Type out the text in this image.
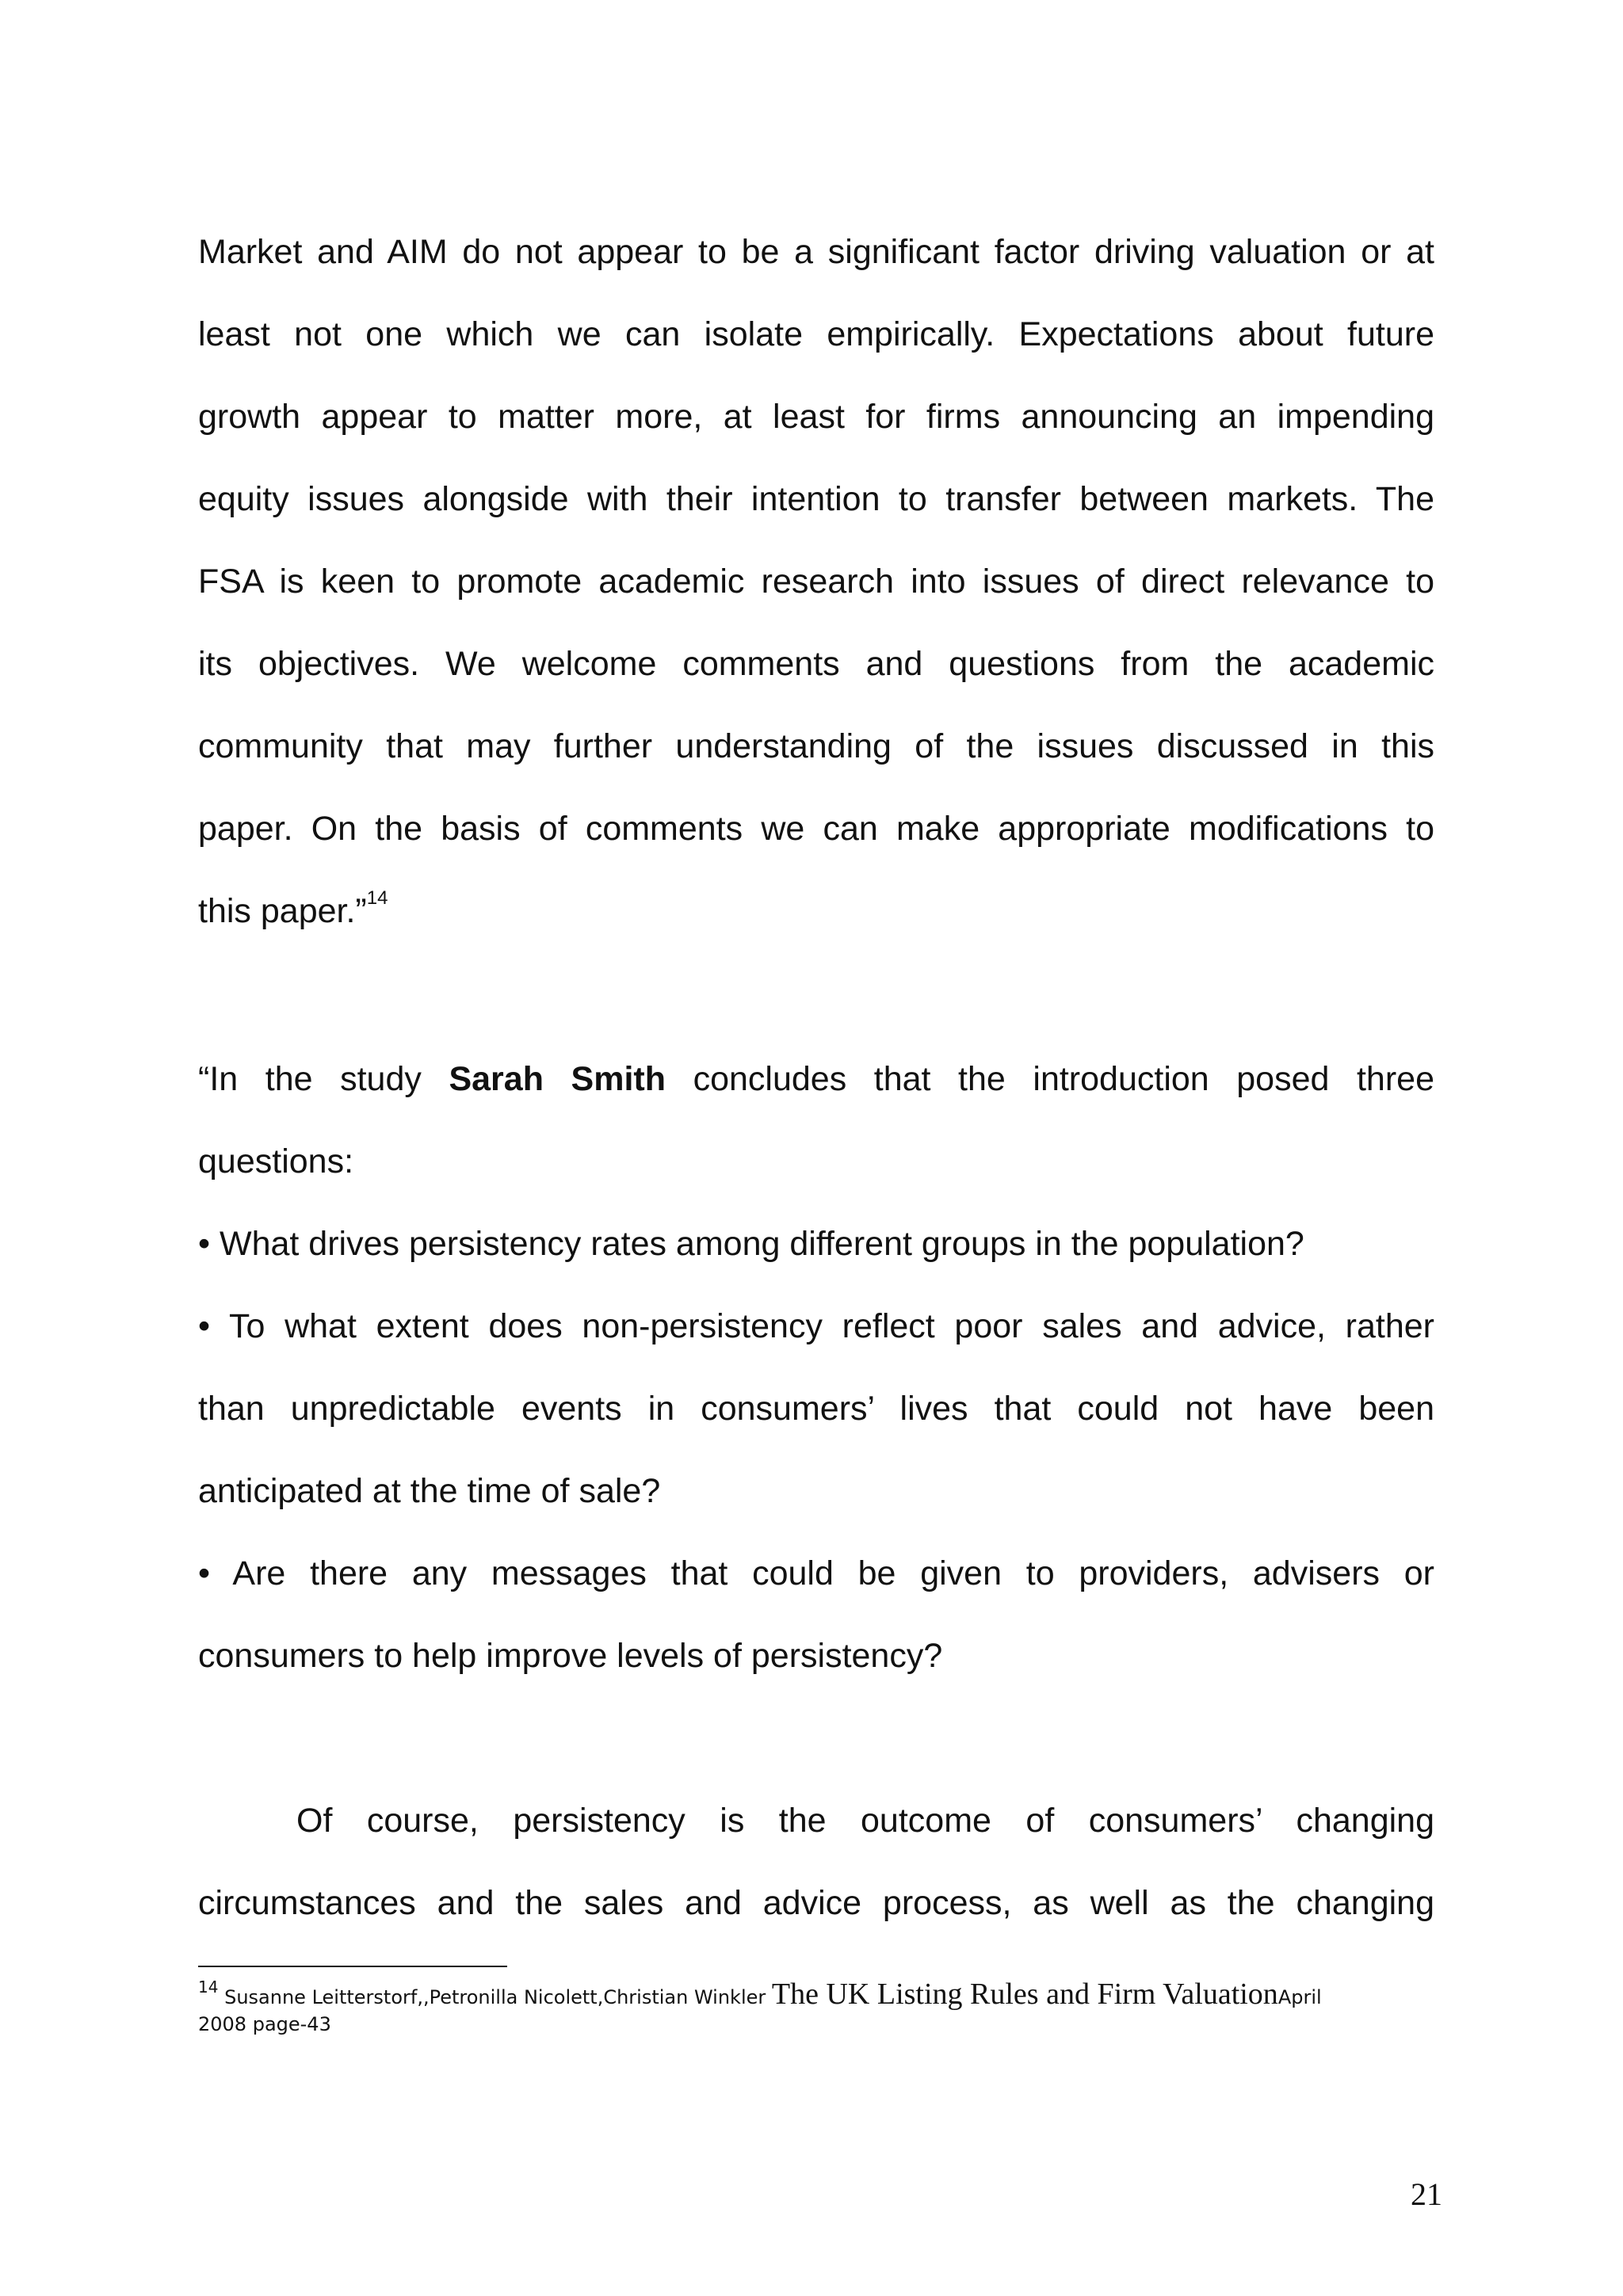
Market and AIM do not appear to be a significant factor driving valuation or at
least not one which we can isolate empirically. Expectations about future
growth appear to matter more, at least for firms announcing an impending
equity issues alongside with their intention to transfer between markets. The
FSA is keen to promote academic research into issues of direct relevance to
its objectives. We welcome comments and questions from the academic
community that may further understanding of the issues discussed in this
paper. On the basis of comments we can make appropriate modifications to
this paper.”$^{14}$
“In the study Sarah Smith concludes that the introduction posed three
questions:
• What drives persistency rates among different groups in the population?
• To what extent does non-persistency reflect poor sales and advice, rather
than unpredictable events in consumers’ lives that could not have been
anticipated at the time of sale?
• Are there any messages that could be given to providers, advisers or
consumers to help improve levels of persistency?
Of course, persistency is the outcome of consumers’ changing
circumstances and the sales and advice process, as well as the changing
$^{14}$ Susanne Leitterstorf,,Petronilla Nicolett,Christian Winkler The UK Listing Rules and Firm ValuationApril
2008 page-43
21
